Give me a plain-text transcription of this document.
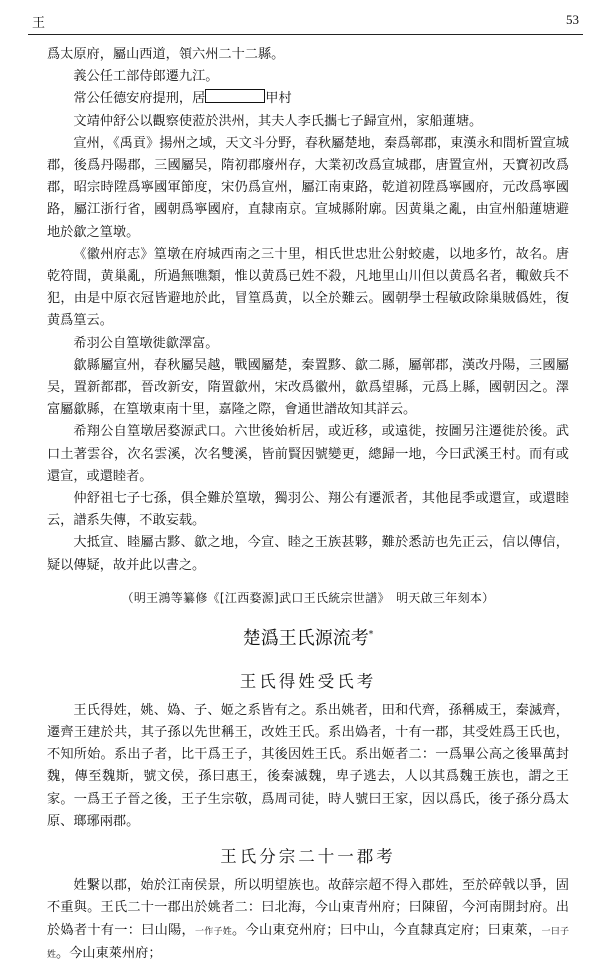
王	53

爲太原府，屬山西道，領六州二十二縣。

義公任工部侍郎遷九江。

常公任德安府提刑，居	甲村

文靖仲舒公以觀察使蒞於洪州，其夫人李氏攜七子歸宣州，家船蓮塘。

宣州，《禹貢》揚州之域，天文斗分野，春秋屬楚地，秦爲鄣郡，東漢永和間析置宣城郡，後爲丹陽郡，三國屬吴，隋初郡廢州存，大業初改爲宣城郡，唐置宣州，天寶初改爲郡，昭宗時陞爲寧國軍節度，宋仍爲宣州，屬江南東路，乾道初陞爲寧國府，元改爲寧國路，屬江浙行省，國朝爲寧國府，直隸南京。宣城縣附廓。因黄巢之亂，由宣州船蓮塘避地於歙之篁墩。

《徽州府志》篁墩在府城西南之三十里，相氏世忠壯公射蛟處，以地多竹，故名。唐乾符間，黄巢亂，所過無噍類，惟以黄爲已姓不殺，凡地里山川但以黄爲名者，輙斂兵不犯，由是中原衣冠皆避地於此，冒篁爲黄，以全於難云。國朝學士程敏政除巢賊僞姓，復黄爲篁云。

希羽公自篁墩徙歙澤富。

歙縣屬宣州，春秋屬吴越，戰國屬楚，秦置黟、歙二縣，屬鄣郡，漢改丹陽，三國屬吴，置新都郡，晉改新安，隋置歙州，宋改爲徽州，歙爲望縣，元爲上縣，國朝因之。澤富屬歙縣，在篁墩東南十里，嘉隆之際，會通世譜故知其詳云。

希翔公自篁墩居婺源武口。六世後始析居，或近移，或遠徙，按圖另注遷徙於後。武口土著雲谷，次名雲溪，次名雙溪，皆前賢因號變更，總歸一地，今曰武溪王村。而有或還宣，或還睦者。

仲舒祖七子七孫，俱全難於篁墩，獨羽公、翔公有遷派者，其他昆季或還宣，或還睦云，譜系失傳，不敢妄载。

大抵宣、睦屬古黟、歙之地，今宣、睦之王族甚夥，難於悉訪也先正云，信以傳信，疑以傳疑，故并此以書之。

（明王鴻等纂修《[江西婺源]武口王氏統宗世譜》　明天啟三年刻本）
楚潙王氏源流考*
王氏得姓受氏考

王氏得姓，姚、媯、子、姬之系皆有之。系出姚者，田和代齊，孫稱威王，秦滅齊，遷齊王建於共，其子孫以先世稱王，改姓王氏。系出媯者，十有一郡，其受姓爲王氏也，不知所始。系出子者，比干爲王子，其後因姓王氏。系出姬者二：一爲畢公高之後畢萬封魏，傳至魏斯，號文侯，孫曰惠王，後秦滅魏，卑子逃去，人以其爲魏王族也，謂之王家。一爲王子晉之後，王子生宗敬，爲周司徒，時人號曰王家，因以爲氏，後子孫分爲太原、瑯琊兩郡。

王氏分宗二十一郡考

姓繫以郡，始於江南侯景，所以明望族也。故薛宗超不得入郡姓，至於碎戟以爭，固不重與。王氏二十一郡出於姚者二：曰北海，今山東青州府；曰陳留，今河南開封府。出於媯者十有一：曰山陽，一作子姓。今山東兗州府；曰中山，今直隸真定府；曰東萊，一曰子姓。今山東萊州府；
